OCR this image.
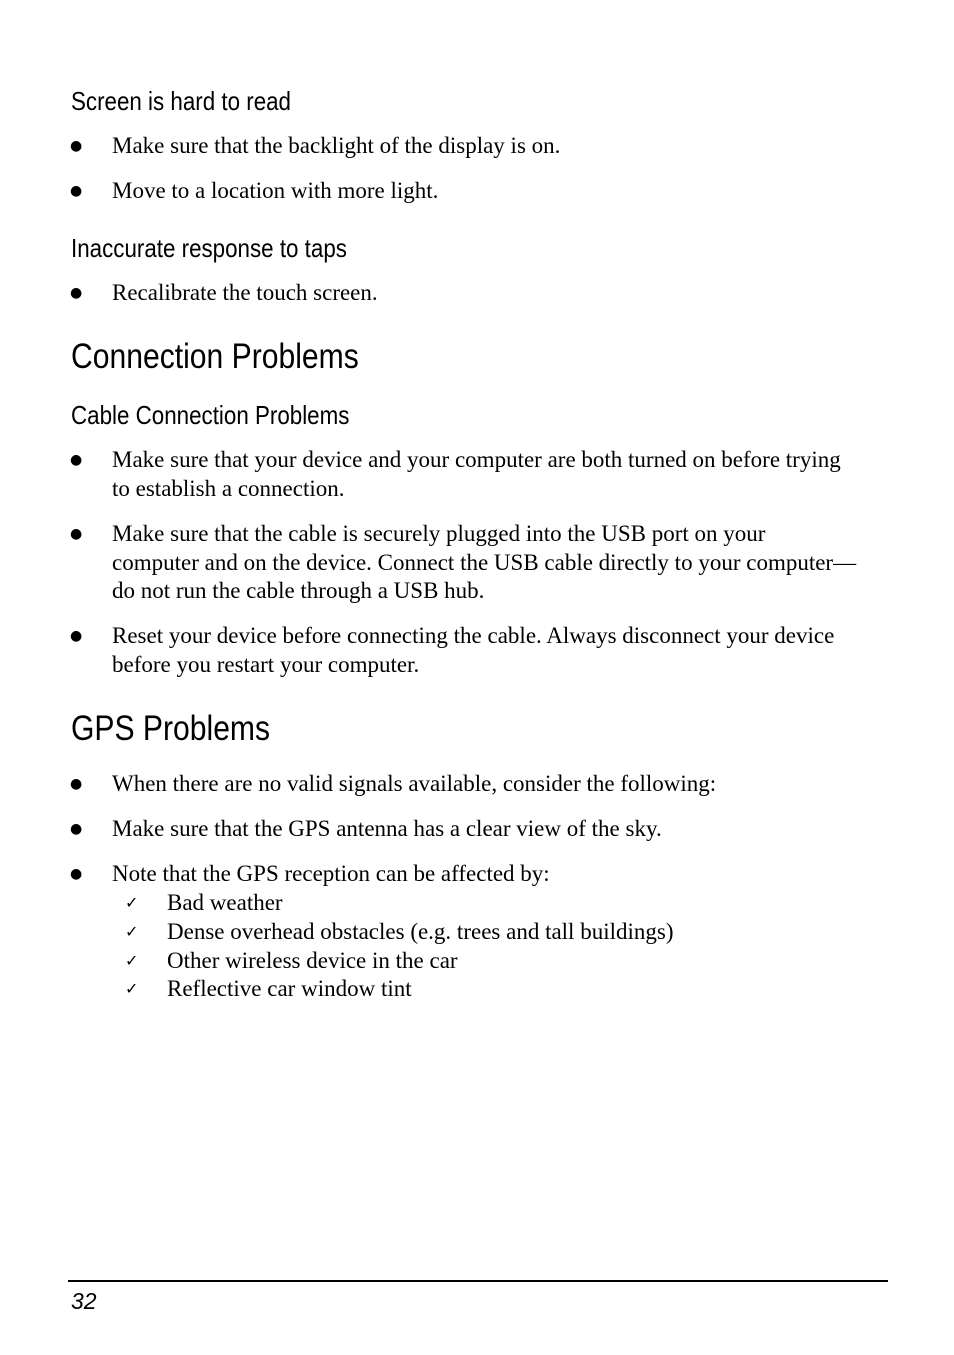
Screen is hard to read
● Make sure that the backlight of the display is on.
● Move to a location with more light.
Inaccurate response to taps
● Recalibrate the touch screen.
Connection Problems
Cable Connection Problems
● Make sure that your device and your computer are both turned on before trying to establish a connection.
● Make sure that the cable is securely plugged into the USB port on your computer and on the device. Connect the USB cable directly to your computer—do not run the cable through a USB hub.
● Reset your device before connecting the cable. Always disconnect your device before you restart your computer.
GPS Problems
● When there are no valid signals available, consider the following:
● Make sure that the GPS antenna has a clear view of the sky.
● Note that the GPS reception can be affected by:
✓ Bad weather
✓ Dense overhead obstacles (e.g. trees and tall buildings)
✓ Other wireless device in the car
✓ Reflective car window tint
32
